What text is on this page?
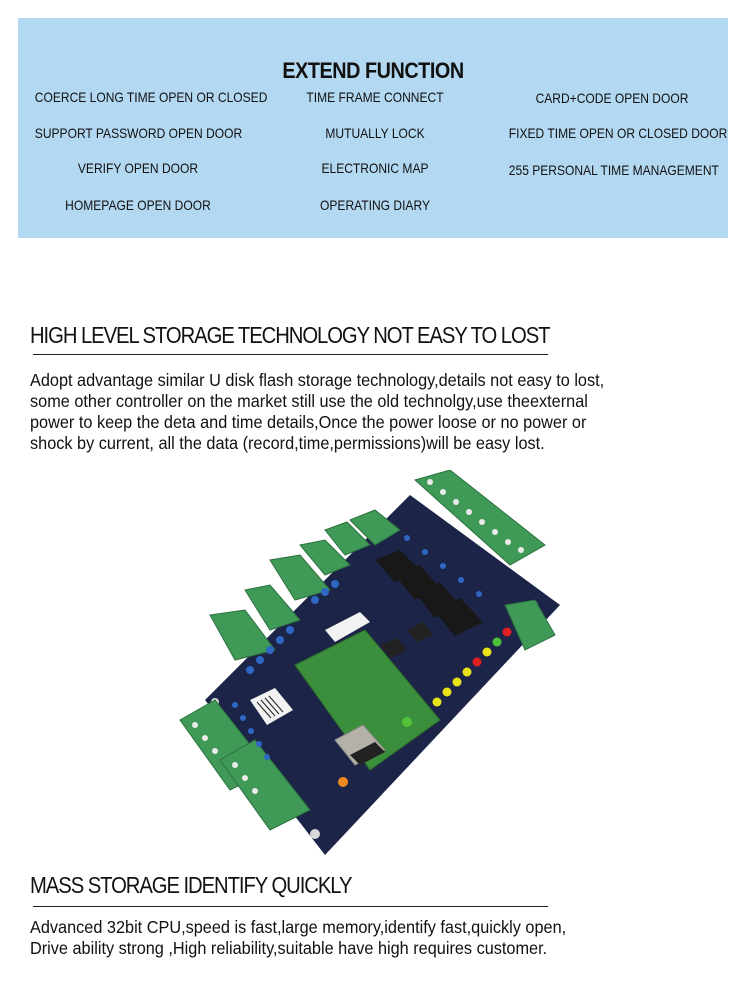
EXTEND FUNCTION
COERCE LONG TIME OPEN OR CLOSED
SUPPORT PASSWORD OPEN DOOR
VERIFY OPEN DOOR
HOMEPAGE OPEN DOOR
TIME FRAME CONNECT
MUTUALLY LOCK
ELECTRONIC MAP
OPERATING DIARY
CARD+CODE OPEN DOOR
FIXED TIME OPEN OR CLOSED DOOR
255 PERSONAL TIME MANAGEMENT
HIGH LEVEL STORAGE TECHNOLOGY NOT EASY TO LOST
Adopt advantage similar U disk flash storage technology,details not easy to lost,
some other controller on the market still use the old technolgy,use theexternal
power to keep the deta and time details,Once the power loose or no power or
shock by current, all the data (record,time,permissions)will be easy lost.
MASS STORAGE IDENTIFY QUICKLY
Advanced 32bit CPU,speed is fast,large memory,identify fast,quickly open,
Drive ability strong ,High reliability,suitable have high requires customer.
